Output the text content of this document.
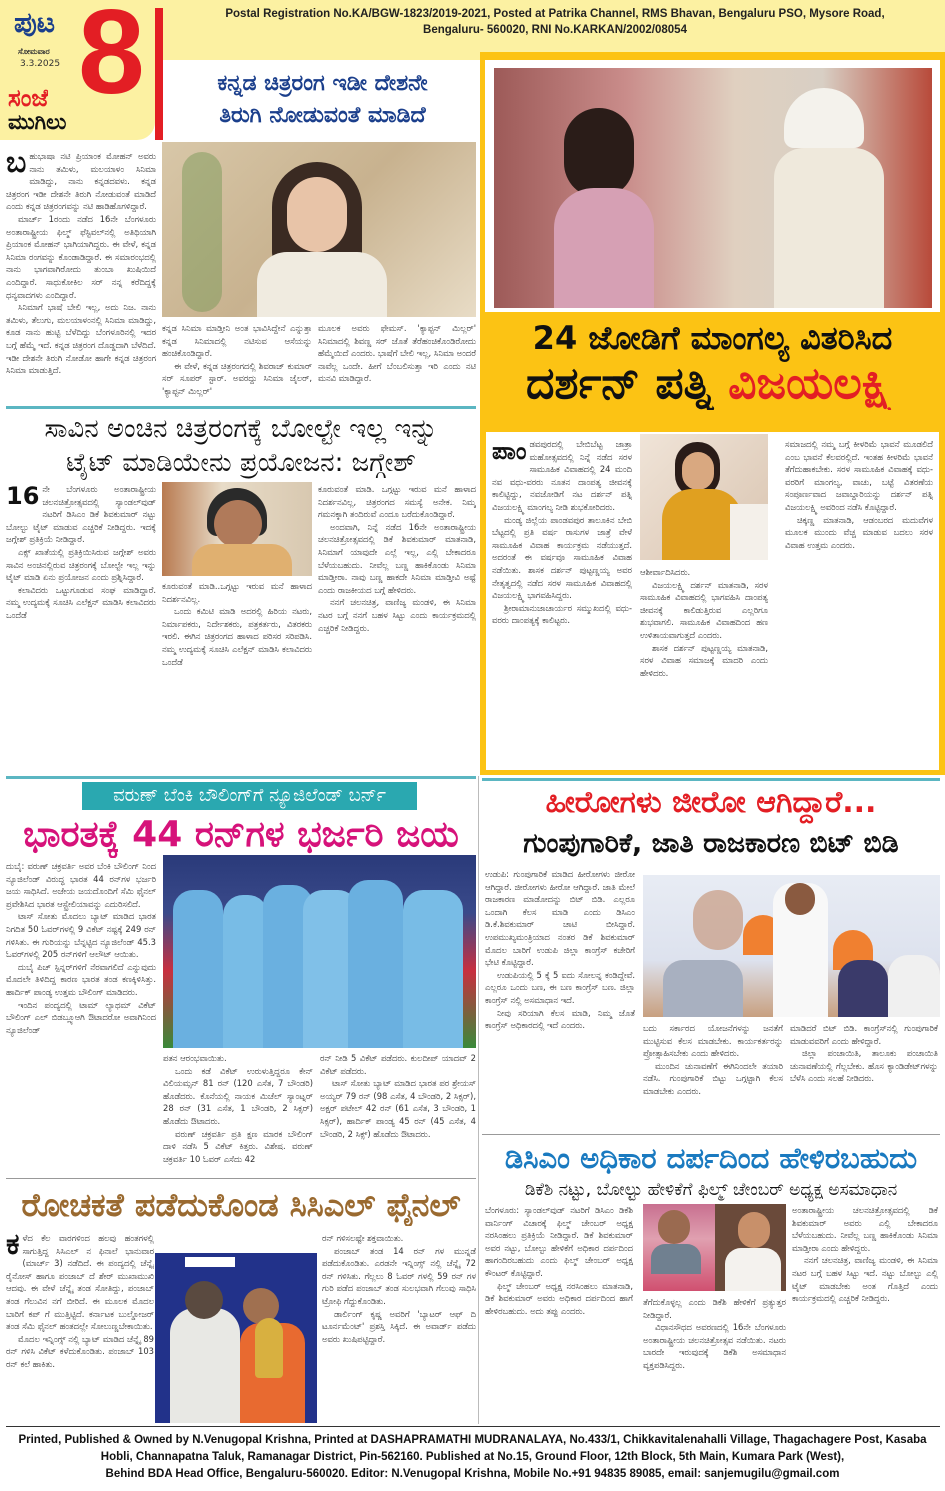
Postal Registration No.KA/BGW-1823/2019-2021, Posted at Patrika Channel, RMS Bhavan, Bengaluru PSO, Mysore Road,
Bengaluru- 560020, RNI No.KARKAN/2002/08054
ಪುಟ
ಸೋಮವಾರ
3.3.2025 8
ಸಂಜೆ
ಮುಗಿಲು
ಕನ್ನಡ ಚಿತ್ರರಂಗ ಇಡೀ ದೇಶನೇ
ತಿರುಗಿ ನೋಡುವಂತೆ ಮಾಡಿದೆ
ಬ ಹುಭಾಷಾ ನಟಿ ಪ್ರಿಯಾಂಕ ಮೋಹನ್ ಅವರು ನಾನು ತಮಿಳು, ಮಲಯಾಳಂ ಸಿನಿಮಾ ಮಾಡಿದ್ದು, ನಾನು ಕನ್ನಡದವಳು. ಕನ್ನಡ ಚಿತ್ರರಂಗ ಇಡೀ ದೇಶನೇ ತಿರುಗಿ ನೋಡುವಂತೆ ಮಾಡಿದೆ ಎಂದು ಕನ್ನಡ ಚಿತ್ರರಂಗವನ್ನು ನಟಿ ಹಾಡಿಹೊಗಳಿದ್ದಾರೆ.

ಮಾರ್ಚ್ 1ರಂದು ನಡೆದ 16ನೇ ಬೆಂಗಳೂರು ಅಂತಾರಾಷ್ಟ್ರೀಯ ಫಿಲ್ಮ್ ಫೆಸ್ಟಿವಲ್‌ನಲ್ಲಿ ಅತಿಥಿಯಾಗಿ ಪ್ರಿಯಾಂಕ ಮೋಹನ್ ಭಾಗಿಯಾಗಿದ್ದರು. ಈ ವೇಳೆ, ಕನ್ನಡ ಸಿನಿಮಾ ರಂಗವನ್ನು ಕೊಂಡಾಡಿದ್ದಾರೆ. ಈ ಸಮಾರಂಭದಲ್ಲಿ ನಾನು ಭಾಗವಾಗಿರೋದು ತುಂಬಾ ಖುಷಿಯಿದೆ ಎಂದಿದ್ದಾರೆ. ಸಾಧುಕೋಕಿಲ ಸರ್ ನನ್ನ ಕರೆದಿದ್ದಕ್ಕೆ ಧನ್ಯವಾದಗಳು ಎಂದಿದ್ದಾರೆ.

ಸಿನಿಮಾಗೆ ಭಾಷೆ ಬೇಲಿ ಇಲ್ಲ, ಅದು ನಿಜ. ನಾನು ತಮಿಳು, ತೆಲುಗು, ಮಲಯಾಳಂನಲ್ಲಿ ಸಿನಿಮಾ ಮಾಡಿದ್ದು, ಕೂಡ ನಾನು ಹುಟ್ಟಿ ಬೆಳೆದಿದ್ದು ಬೆಂಗಳೂರಿನಲ್ಲಿ ಇದರ ಬಗ್ಗೆ ಹೆಮ್ಮೆ ಇದೆ. ಕನ್ನಡ ಚಿತ್ರರಂಗ ದೊಡ್ಡದಾಗಿ ಬೆಳೆದಿದೆ. ಇಡೀ ದೇಶನೇ ತಿರುಗಿ ನೋಡೋ ಹಾಗೇ ಕನ್ನಡ ಚಿತ್ರರಂಗ ಸಿನಿಮಾ ಮಾಡುತ್ತಿದೆ.

ಕನ್ನಡ ಸಿನಿಮಾ ಮಾಡ್ತೀನಿ ಅಂತ ಭಾವಿಸಿದ್ದೇನೆ ಎನ್ನುತ್ತಾ ಕನ್ನಡ ಸಿನಿಮಾದಲ್ಲಿ ನಟಿಸುವ ಆಸೆಯನ್ನು ಹಂಚಿಕೊಂಡಿದ್ದಾರೆ.

ಈ ವೇಳೆ, ಕನ್ನಡ ಚಿತ್ರರಂಗದಲ್ಲಿ ಶಿವರಾಜ್ ಕುಮಾರ್ ಸರ್ ಸೂಪರ್ ಸ್ಟಾರ್. ಅವರದ್ದು ಸಿನಿಮಾ ಜೈಲರ್, 'ಕ್ಯಾಪ್ಟನ್ ಮಿಲ್ಲರ್'

ಮೂಲಕ ಅವರು ಫೇಮಸ್. 'ಕ್ಯಾಪ್ಟನ್ ಮಿಲ್ಲರ್' ಸಿನಿಮಾದಲ್ಲಿ ಶಿವಣ್ಣ ಸರ್ ಜೊತೆ ತೆರೆಹಂಚಿಕೊಂಡಿರೋದು ಹೆಮ್ಮೆಯಿದೆ ಎಂದರು. ಭಾಷೆಗೆ ಬೇಲಿ ಇಲ್ಲ, ಸಿನಿಮಾ ಅಂದರೆ ನಾವೆಲ್ಲ ಒಂದೇ. ಹೀಗೆ ಬೆಂಬಲಿಸುತ್ತಾ ಇರಿ ಎಂದು ನಟಿ ಮನವಿ ಮಾಡಿದ್ದಾರೆ.

24 ಜೋಡಿಗೆ ಮಾಂಗಲ್ಯ ವಿತರಿಸಿದ
ದರ್ಶನ್ ಪತ್ನಿ ವಿಜಯಲಕ್ಷ್ಮಿ
ಪಾಂ ಡವಪುರದಲ್ಲಿ ಬೇಬಿಬೆಟ್ಟ ಜಾತ್ರಾ ಮಹೋತ್ಸವದಲ್ಲಿ ನಿನ್ನೆ ನಡೆದ ಸರಳ ಸಾಮೂಹಿಕ ವಿವಾಹದಲ್ಲಿ 24 ಮಂದಿ ನವ ವಧು-ವರರು ನೂತನ ದಾಂಪತ್ಯ ಜೀವನಕ್ಕೆ ಕಾಲಿಟ್ಟಿದ್ದು, ನವಜೋಡಿಗೆ ನಟ ದರ್ಶನ್ ಪತ್ನಿ ವಿಜಯಲಕ್ಷ್ಮಿ ಮಾಂಗಲ್ಯ ನೀಡಿ ಶುಭಕೋರಿದರು.

ಮಂಡ್ಯ ಜಿಲ್ಲೆಯ ಪಾಂಡವಪುರ ತಾಲೂಕಿನ ಬೇಬಿ ಬೆಟ್ಟದಲ್ಲಿ ಪ್ರತಿ ವರ್ಷ ರಾಸುಗಳ ಜಾತ್ರೆ ವೇಳೆ ಸಾಮೂಹಿಕ ವಿವಾಹ ಕಾರ್ಯಕ್ರಮ ನಡೆಯುತ್ತದೆ. ಅದರಂತೆ ಈ ವರ್ಷವೂ ಸಾಮೂಹಿಕ ವಿವಾಹ ನಡೆಯಿತು. ಶಾಸಕ ದರ್ಶನ್ ಪುಟ್ಟಣ್ಣಯ್ಯ ಅವರ ನೇತೃತ್ವದಲ್ಲಿ ನಡೆದ ಸರಳ ಸಾಮೂಹಿಕ ವಿವಾಹದಲ್ಲಿ ವಿಜಯಲಕ್ಷ್ಮಿ ಭಾಗವಹಿಸಿದ್ದರು.

ಶ್ರೀರಾಮಾನುಜಾಚಾರ್ಯರ ಸಮ್ಮುಖದಲ್ಲಿ ವಧು-ವರರು ದಾಂಪತ್ಯಕ್ಕೆ ಕಾಲಿಟ್ಟರು.

ಆಶೀರ್ವಾದಿಸಿದರು.

ವಿಜಯಲಕ್ಷ್ಮಿ ದರ್ಶನ್ ಮಾತನಾಡಿ, ಸರಳ ಸಾಮೂಹಿಕ ವಿವಾಹದಲ್ಲಿ ಭಾಗವಹಿಸಿ ದಾಂಪತ್ಯ ಜೀವನಕ್ಕೆ ಕಾಲಿಡುತ್ತಿರುವ ಎಲ್ಲರಿಗೂ ಶುಭವಾಗಲಿ. ಸಾಮೂಹಿಕ ವಿವಾಹದಿಂದ ಹಣ ಉಳಿತಾಯವಾಗುತ್ತದೆ ಎಂದರು.

ಶಾಸಕ ದರ್ಶನ್ ಪುಟ್ಟಣ್ಣಯ್ಯ ಮಾತನಾಡಿ, ಸರಳ ವಿವಾಹ ಸಮಾಜಕ್ಕೆ ಮಾದರಿ ಎಂದು ಹೇಳಿದರು.

ಸಮಾಜದಲ್ಲಿ ನಮ್ಮ ಬಗ್ಗೆ ಕೀಳರಿಮೆ ಭಾವನೆ ಮೂಡಲಿದೆ ಎಂಬ ಭಾವನೆ ಕೆಲವರಲ್ಲಿದೆ. ಇಂತಹ ಕೀಳರಿಮೆ ಭಾವನೆ ತೆಗೆದುಹಾಕಬೇಕು. ಸರಳ ಸಾಮೂಹಿಕ ವಿವಾಹಕ್ಕೆ ವಧು-ವರರಿಗೆ ಮಾಂಗಲ್ಯ, ವಾಚು, ಬಟ್ಟೆ ವಿತರಣೆಯ ಸಂಪೂರ್ಣವಾದ ಜವಾಬ್ದಾರಿಯನ್ನು ದರ್ಶನ್ ಪತ್ನಿ ವಿಜಯಲಕ್ಷ್ಮಿ ಅವರಿಂದ ನಡೆಸಿ ಕೊಟ್ಟಿದ್ದಾರೆ.

ಚಿಕ್ಕಣ್ಣ ಮಾತನಾಡಿ, ಆಡಂಬರದ ಮದುವೆಗಳ ಮೂಲಕ ಮುಂದು ವೆಚ್ಚ ಮಾಡುವ ಬದಲು ಸರಳ ವಿವಾಹ ಉತ್ತಮ ಎಂದರು.

ಸಾವಿನ ಅಂಚಿನ ಚಿತ್ರರಂಗಕ್ಕೆ ಬೋಲ್ಟೇ ಇಲ್ಲ ಇನ್ನು
ಟೈಟ್ ಮಾಡಿಯೇನು ಪ್ರಯೋಜನ: ಜಗ್ಗೇಶ್
16 ನೇ ಬೆಂಗಳೂರು ಅಂತಾರಾಷ್ಟ್ರೀಯ ಚಲನಚಿತ್ರೋತ್ಸವದಲ್ಲಿ ಸ್ಯಾಂಡಲ್‌ವುಡ್ ನಟರಿಗೆ ಡಿಸಿಎಂ ಡಿಕೆ ಶಿವಕುಮಾರ್ ನಟ್ಟು ಬೋಲ್ಟು ಟೈಟ್ ಮಾಡುವ ಎಚ್ಚರಿಕೆ ನೀಡಿದ್ದರು. ಇದಕ್ಕೆ ಜಗ್ಗೇಶ್ ಪ್ರತಿಕ್ರಿಯೆ ನೀಡಿದ್ದಾರೆ.

ಎಕ್ಸ್ ಖಾತೆಯಲ್ಲಿ ಪ್ರತಿಕ್ರಿಯಿಸಿರುವ ಜಗ್ಗೇಶ್ ಅವರು ಸಾವಿನ ಅಂಚಿನಲ್ಲಿರುವ ಚಿತ್ರರಂಗಕ್ಕೆ ಬೋಲ್ಟೇ ಇಲ್ಲ ಇನ್ನು ಟೈಟ್ ಮಾಡಿ ಏನು ಪ್ರಯೋಜನ ಎಂದು ಪ್ರಶ್ನಿಸಿದ್ದಾರೆ.

ಕಲಾವಿದರು ಒಟ್ಟುಗೂಡುವ ಸಂಘ ಮಾಡಿದ್ದಾರೆ. ನಮ್ಮ ಉದ್ಯಮಕ್ಕೆ ಸೂಚಿಸಿ ಎಲೆಕ್ಷನ್ ಮಾಡಿಸಿ ಕಲಾವಿದರು ಒಂದೆಡೆ

ಕೂರುವಂತೆ ಮಾಡಿ..ಒಗ್ಗಟ್ಟು ಇರುವ ಮನೆ ಹಾಳಾದ ನಿದರ್ಶನವಿಲ್ಲ.

ಒಂದು ಕಮಿಟಿ ಮಾಡಿ ಅದರಲ್ಲಿ ಹಿರಿಯ ನಟರು, ನಿರ್ಮಾಪಕರು, ನಿರ್ದೇಶಕರು, ಪತ್ರಕರ್ತರು, ವಿತರಕರು ಇರಲಿ. ಈಗಿನ ಚಿತ್ರರಂಗದ ಹಾಳಾದ ಪರಿಸರ ಸರಿಪಡಿಸಿ. ನಮ್ಮ ಉದ್ಯಮಕ್ಕೆ ಸೂಚಿಸಿ ಎಲೆಕ್ಷನ್ ಮಾಡಿಸಿ ಕಲಾವಿದರು ಒಂದೆಡೆ

ಕೂರುವಂತೆ ಮಾಡಿ. ಒಗ್ಗಟ್ಟು ಇರುವ ಮನೆ ಹಾಳಾದ ನಿದರ್ಶನವಿಲ್ಲ, ಚಿತ್ರರಂಗದ ಸಮಸ್ಯೆ ಅನೇಕ. ನಿಮ್ಮ ಗಮನಕ್ಕಾಗಿ ತಂದಿರುವೆ ಎಂದೂ ಬರೆದುಕೊಂಡಿದ್ದಾರೆ.

ಅಂದವಾಗಿ, ನಿನ್ನೆ ನಡೆದ 16ನೇ ಅಂತಾರಾಷ್ಟ್ರೀಯ ಚಲನಚಿತ್ರೋತ್ಸವದಲ್ಲಿ ಡಿಕೆ ಶಿವಕುಮಾರ್ ಮಾತನಾಡಿ, ಸಿನಿಮಾಗೆ ಯಾವುದೇ ಎಲ್ಲೆ ಇಲ್ಲ, ಎಲ್ಲಿ ಬೇಕಾದರೂ ಬೆಳೆಯಬಹುದು. ನೀವೆಲ್ಲ ಬಣ್ಣ ಹಾಕಿಕೊಂಡು ಸಿನಿಮಾ ಮಾಡ್ತೀರಾ. ನಾವು ಬಣ್ಣ ಹಾಕದೇ ಸಿನಿಮಾ ಮಾಡ್ತೀವಿ ಅಷ್ಟೆ ಎಂದು ರಾಜಕೀಯದ ಬಗ್ಗೆ ಹೇಳಿದರು.

ನನಗೆ ಚಲನಚಿತ್ರ, ವಾಣಿಜ್ಯ ಮಂಡಳಿ, ಈ ಸಿನಿಮಾ ನಟರ ಬಗ್ಗೆ ನನಗೆ ಬಹಳ ಸಿಟ್ಟು ಎಂದು ಕಾರ್ಯಕ್ರಮದಲ್ಲಿ ಎಚ್ಚರಿಕೆ ನೀಡಿದ್ದರು.

ವರುಣ್ ಬೆಂಕಿ ಬೌಲಿಂಗ್‌ಗೆ ನ್ಯೂಜಿಲೆಂಡ್ ಬರ್ನ್
ಭಾರತಕ್ಕೆ 44 ರನ್‌ಗಳ ಭರ್ಜರಿ ಜಯ

ದುಬೈ: ವರುಣ್ ಚಕ್ರವರ್ತಿ ಅವರ ಬೆಂಕಿ ಬೌಲಿಂಗ್ ನಿಂದ ನ್ಯೂಜಿಲೆಂಡ್ ವಿರುದ್ಧ ಭಾರತ 44 ರನ್‌ಗಳ ಭರ್ಜರಿ ಜಯ ಸಾಧಿಸಿದೆ. ಅಜೇಯ ಜಯದೊಂದಿಗೆ ಸೆಮಿ ಫೈನಲ್ ಪ್ರವೇಶಿಸಿದ ಭಾರತ ಆಸ್ಟ್ರೇಲಿಯಾವನ್ನು ಎದುರಿಸಲಿದೆ.

ಟಾಸ್ ಸೋತು ಮೊದಲು ಬ್ಯಾಟ್ ಮಾಡಿದ ಭಾರತ ನಿಗದಿತ 50 ಓವರ್‌ಗಳಲ್ಲಿ 9 ವಿಕೆಟ್ ನಷ್ಟಕ್ಕೆ 249 ರನ್ ಗಳಿಸಿತು. ಈ ಗುರಿಯನ್ನು ಬೆನ್ನಟ್ಟಿದ ನ್ಯೂಜಿಲೆಂಡ್ 45.3 ಓವರ್‌ಗಳಲ್ಲಿ 205 ರನ್‌ಗಳಿಗೆ ಆಲೌಟ್ ಆಯಿತು.

ದುಬೈ ಪಿಚ್ ಸ್ಪಿನ್ನರ್‌ಗಳಿಗೆ ನೆರವಾಗಲಿದೆ ಎನ್ನುವುದು ಮೊದಲೇ ತಿಳಿದಿದ್ದ ಕಾರಣ ಭಾರತ ತಂಡ ಕಣಕ್ಕಿಳಿಸಿತ್ತು. ಹಾರ್ದಿಕ್ ಪಾಂಡ್ಯ ಉತ್ತಮ ಬೌಲಿಂಗ್ ಮಾಡಿದರು.

ಇಂದಿನ ಪಂದ್ಯದಲ್ಲಿ ಟಾಮ್ ಲ್ಯಾಥಮ್ ವಿಕೆಟ್ ಬೌಲಿಂಗ್ ಎಲ್ ಬಿಡಬ್ಲ್ಯೂಆಗಿ ಔಟಾದರೋ ಅವಾಗಿನಿಂದ ನ್ಯೂಜಿಲೆಂಡ್

ಪತನ ಆರಂಭವಾಯಿತು.

ಒಂದು ಕಡೆ ವಿಕೆಟ್ ಉರುಳುತ್ತಿದ್ದರೂ ಕೇನ್ ವಿಲಿಯಮ್ಸನ್ 81 ರನ್ (120 ಎಸೆತ, 7 ಬೌಂಡರಿ) ಹೊಡೆದರು. ಕೊನೆಯಲ್ಲಿ ನಾಯಕ ಮಿಚೆಲ್ ಸ್ಯಾಂಟ್ನರ್ 28 ರನ್ (31 ಎಸೆತ, 1 ಬೌಂಡರಿ, 2 ಸಿಕ್ಸರ್) ಹೊಡೆದು ಔಟಾದರು.

ವರುಣ್ ಚಕ್ರವರ್ತಿ ಪ್ರತಿ ಕ್ಷಣ ಮಾರಕ ಬೌಲಿಂಗ್ ದಾಳಿ ನಡೆಸಿ 5 ವಿಕೆಟ್ ಕಿತ್ತರು. ವಿಶೇಷ. ವರುಣ್ ಚಕ್ರವರ್ತಿ 10 ಓವರ್ ಎಸೆದು 42

ರನ್ ನೀಡಿ 5 ವಿಕೆಟ್ ಪಡೆದರು. ಕುಲದೀಪ್ ಯಾದವ್ 2 ವಿಕೆಟ್ ಪಡೆದರು.

ಟಾಸ್ ಸೋತು ಬ್ಯಾಟ್ ಮಾಡಿದ ಭಾರತ ಪರ ಶ್ರೇಯಸ್ ಅಯ್ಯರ್ 79 ರನ್ (98 ಎಸೆತ, 4 ಬೌಂಡರಿ, 2 ಸಿಕ್ಸರ್), ಅಕ್ಷರ್ ಪಟೇಲ್ 42 ರನ್ (61 ಎಸೆತ, 3 ಬೌಂಡರಿ, 1 ಸಿಕ್ಸರ್), ಹಾರ್ದಿಕ್ ಪಾಂಡ್ಯ 45 ರನ್ (45 ಎಸೆತ, 4 ಬೌಂಡರಿ, 2 ಸಿಕ್ಸ್) ಹೊಡೆದು ಔಟಾದರು.

ರೋಚಕತೆ ಪಡೆದುಕೊಂಡ ಸಿಸಿಎಲ್ ಫೈನಲ್
ಕ ಳೆದ ಕೆಲ ವಾರಗಳಿಂದ ಹಲವು ಹಂತಗಳಲ್ಲಿ ಸಾಗುತ್ತಿದ್ದ ಸಿಸಿಎಲ್ ನ ಫಿನಾಲೆ ಭಾನುವಾರ (ಮಾರ್ಚ್ 3) ನಡೆದಿದೆ. ಈ ಪಂದ್ಯದಲ್ಲಿ ಚೆನ್ನೈ ರೈನೋಸ್ ಹಾಗೂ ಪಂಜಾಬ್ ದೆ ಶೇರ್ ಮುಖಾಮುಖಿ ಆದವು. ಈ ವೇಳೆ ಚೆನ್ನೈ ತಂಡ ಸೋತಿದ್ದು, ಪಂಜಾಬ್ ತಂಡ ಗೆಲುವಿನ ನಗೆ ಬೀರಿದೆ. ಈ ಮೂಲಕ ಮೊದಲ ಬಾರಿಗೆ ಕಪ್ ಗೆ ಮುತ್ತಿಟ್ಟಿದೆ. ಕರ್ನಾಟಕ ಬುಲ್ಡೋಜರ್ ತಂಡ ಸೆಮಿ ಫೈನಲ್ ಹಂತದಲ್ಲೇ ಸೋಲುಣ್ಣಬೇಕಾಯಿತು.

ಮೊದಲ ಇನ್ನಿಂಗ್ಸ್ ನಲ್ಲಿ ಬ್ಯಾಟ್ ಮಾಡಿದ ಚೆನ್ನೈ 89 ರನ್ ಗಳಿಸಿ ವಿಕೆಟ್ ಕಳೆದುಕೊಂಡಿತು. ಪಂಜಾಬ್ 103 ರನ್ ಕಲೆ ಹಾಕಿತು.

ರನ್ ಗಳಿಸಲಷ್ಟೇ ಶಕ್ತವಾಯಿತು.

ಪಂಜಾಬ್ ತಂಡ 14 ರನ್ ಗಳ ಮುನ್ನಡೆ ಪಡೆದುಕೊಂಡಿತು. ಎರಡನೇ ಇನ್ನಿಂಗ್ಸ್ ನಲ್ಲಿ ಚೆನ್ನೈ 72 ರನ್ ಗಳಿಸಿತು. ಗೆಲ್ಲಲು 8 ಓವರ್ ಗಳಲ್ಲಿ 59 ರನ್ ಗಳ ಗುರಿ ಪಡೆದ ಪಂಜಾಬ್ ತಂಡ ಸುಲಭವಾಗಿ ಗೆಲುವು ಸಾಧಿಸಿ ಟ್ರೋಫಿ ಗೆದ್ದುಕೊಂಡಿತು.

ಡಾರ್ಲಿಂಗ್ ಕೃಷ್ಣ ಅವರಿಗೆ 'ಬ್ಯಾಟರ್ ಆಫ್ ದಿ ಟೂರ್ನಮೆಂಟ್' ಪ್ರಶಸ್ತಿ ಸಿಕ್ಕಿದೆ. ಈ ಅವಾರ್ಡ್ ಪಡೆದು ಅವರು ಖುಷಿಪಟ್ಟಿದ್ದಾರೆ.

ಹೀರೋಗಳು ಜೀರೋ ಆಗಿದ್ದಾರೆ...
ಗುಂಪುಗಾರಿಕೆ, ಜಾತಿ ರಾಜಕಾರಣ ಬಿಟ್ ಬಿಡಿ

ಉಡುಪಿ: ಗುಂಪುಗಾರಿಕೆ ಮಾಡಿದ ಹೀರೋಗಳು ಜೀರೋ ಆಗಿದ್ದಾರೆ. ಜೀರೋಗಳು ಹೀರೋ ಆಗಿದ್ದಾರೆ. ಜಾತಿ ಮೇಲೆ ರಾಜಕಾರಣ ಮಾಡೋದನ್ನು ಬಿಟ್ ಬಿಡಿ. ಎಲ್ಲರೂ ಒಂದಾಗಿ ಕೆಲಸ ಮಾಡಿ ಎಂದು ಡಿಸಿಎಂ ಡಿ.ಕೆ.ಶಿವಕುಮಾರ್ ಚಾಟಿ ಬೀಸಿದ್ದಾರೆ. ಉಪಮುಖ್ಯಮಂತ್ರಿಯಾದ ನಂತರ ಡಿಕೆ ಶಿವಕುಮಾರ್ ಮೊದಲ ಬಾರಿಗೆ ಉಡುಪಿ ಜಿಲ್ಲಾ ಕಾಂಗ್ರೆಸ್ ಕಚೇರಿಗೆ ಭೇಟಿ ಕೊಟ್ಟಿದ್ದಾರೆ.

ಉಡುಪಿಯಲ್ಲಿ 5 ಕ್ಕೆ 5 ಐದು ಸೋಲನ್ನ ಕಂಡಿದ್ದೇವೆ. ಎಲ್ಲರೂ ಒಂದು ಬಣ, ಈ ಬಣ ಕಾಂಗ್ರೆಸ್ ಬಣ. ಜಿಲ್ಲಾ ಕಾಂಗ್ರೆಸ್ ನಲ್ಲಿ ಅಸಮಾಧಾನ ಇದೆ.

ನೀವು ಸರಿಯಾಗಿ ಕೆಲಸ ಮಾಡಿ, ನಿಮ್ಮ ಜೊತೆ ಕಾಂಗ್ರೆಸ್ ಅಧಿಕಾರದಲ್ಲಿ ಇದೆ ಎಂದರು.	ಬದು ಸರ್ಕಾರದ ಯೋಜನೆಗಳನ್ನು ಜನತೆಗೆ ಮುಟ್ಟಿಸುವ ಕೆಲಸ ಮಾಡಬೇಕು. ಕಾರ್ಯಕರ್ತರನ್ನು ಪ್ರೋತ್ಸಾಹಿಸಬೇಕು ಎಂದು ಹೇಳಿದರು.

ಮುಂದಿನ ಚುನಾವಣೆಗೆ ಈಗಿನಿಂದಲೇ ತಯಾರಿ ನಡೆಸಿ. ಗುಂಪುಗಾರಿಕೆ ಬಿಟ್ಟು ಒಗ್ಗಟ್ಟಾಗಿ ಕೆಲಸ ಮಾಡಬೇಕು ಎಂದರು.

ಮಾಡಿದರೆ ಬಿಟ್ ಬಿಡಿ. ಕಾಂಗ್ರೆಸ್‌ನಲ್ಲಿ ಗುಂಪುಗಾರಿಕೆ ಮಾಡುವವರಿಗೆ ಎಂದು ಹೇಳಿದ್ದಾರೆ.

ಜಿಲ್ಲಾ ಪಂಚಾಯಿತಿ, ತಾಲೂಕು ಪಂಚಾಯಿತಿ ಚುನಾವಣೆಯಲ್ಲಿ ಗೆಲ್ಲಬೇಕು. ಹೊಸ ಕ್ಯಾಂಡಿಡೇಟ್‌ಗಳನ್ನು ಬೆಳೆಸಿ ಎಂದು ಸಲಹೆ ನೀಡಿದರು.

ಡಿಸಿಎಂ ಅಧಿಕಾರ ದರ್ಪದಿಂದ ಹೇಳಿರಬಹುದು
ಡಿಕೆಶಿ ನಟ್ಟು, ಬೋಲ್ಟು ಹೇಳಿಕೆಗೆ ಫಿಲ್ಮ್ ಚೇಂಬರ್ ಅಧ್ಯಕ್ಷ ಅಸಮಾಧಾನ

ಬೆಂಗಳೂರು: ಸ್ಯಾಂಡಲ್‌ವುಡ್ ನಟರಿಗೆ ಡಿಸಿಎಂ ಡಿಕೆಶಿ ವಾರ್ನಿಂಗ್ ವಿಚಾರಕ್ಕೆ ಫಿಲ್ಮ್ ಚೇಂಬರ್ ಅಧ್ಯಕ್ಷ ನರಸಿಂಹಲು ಪ್ರತಿಕ್ರಿಯೆ ನೀಡಿದ್ದಾರೆ. ಡಿಕೆ ಶಿವಕುಮಾರ್ ಅವರ ನಟ್ಟು, ಬೋಲ್ಟು ಹೇಳಿಕೆಗೆ ಅಧಿಕಾರ ದರ್ಪದಿಂದ ಹಾಗಂದಿರಬಹುದು ಎಂದು ಫಿಲ್ಮ್ ಚೇಂಬರ್ ಅಧ್ಯಕ್ಷ ಕೌಂಟರ್ ಕೊಟ್ಟಿದ್ದಾರೆ.

ಫಿಲ್ಮ್ ಚೇಂಬರ್ ಅಧ್ಯಕ್ಷ ನರಸಿಂಹಲು ಮಾತನಾಡಿ, ಡಿಕೆ ಶಿವಕುಮಾರ್ ಅವರು ಅಧಿಕಾರ ದರ್ಪದಿಂದ ಹಾಗೆ ಹೇಳಿರಬಹುದು. ಅದು ತಪ್ಪು ಎಂದರು.

ತೆಗೆದುಕೊಳ್ಳಲ್ಲ ಎಂದು ಡಿಕೆಶಿ ಹೇಳಿಕೆಗೆ ಪ್ರತ್ಯುತ್ತರ ನೀಡಿದ್ದಾರೆ.

ವಿಧಾನಸೌಧದ ಅವರಣದಲ್ಲಿ 16ನೇ ಬೆಂಗಳೂರು ಅಂತಾರಾಷ್ಟ್ರೀಯ ಚಲನಚಿತ್ರೋತ್ಸವ ನಡೆಯಿತು. ನಟರು ಬಾರದೇ ಇರುವುದಕ್ಕೆ ಡಿಕೆಶಿ ಅಸಮಾಧಾನ ವ್ಯಕ್ತಪಡಿಸಿದ್ದರು.

ಅಂತಾರಾಷ್ಟ್ರೀಯ ಚಲನಚಿತ್ರೋತ್ಸವದಲ್ಲಿ ಡಿಕೆ ಶಿವಕುಮಾರ್ ಅವರು ಎಲ್ಲಿ ಬೇಕಾದರೂ ಬೆಳೆಯಬಹುದು. ನೀವೆಲ್ಲ ಬಣ್ಣ ಹಾಕಿಕೊಂಡು ಸಿನಿಮಾ ಮಾಡ್ತೀರಾ ಎಂದು ಹೇಳಿದ್ದರು.

ನನಗೆ ಚಲನಚಿತ್ರ, ವಾಣಿಜ್ಯ ಮಂಡಳಿ, ಈ ಸಿನಿಮಾ ನಟರ ಬಗ್ಗೆ ಬಹಳ ಸಿಟ್ಟು ಇದೆ. ನಟ್ಟು ಬೋಲ್ಟು ಎಲ್ಲಿ ಟೈಟ್ ಮಾಡಬೇಕು ಅಂತ ಗೊತ್ತಿದೆ ಎಂದು ಕಾರ್ಯಕ್ರಮದಲ್ಲಿ ಎಚ್ಚರಿಕೆ ನೀಡಿದ್ದರು.

Printed, Published & Owned by N.Venugopal Krishna, Printed at DASHAPRAMATHI MUDRANALAYA, No.433/1, Chikkavitalenahalli Village, Thagachagere Post, Kasaba
Hobli, Channapatna Taluk, Ramanagar District, Pin-562160. Published at No.15, Ground Floor, 12th Block, 5th Main, Kumara Park (West),
Behind BDA Head Office, Bengaluru-560020. Editor: N.Venugopal Krishna, Mobile No.+91 94835 89085, email: sanjemugilu@gmail.com
